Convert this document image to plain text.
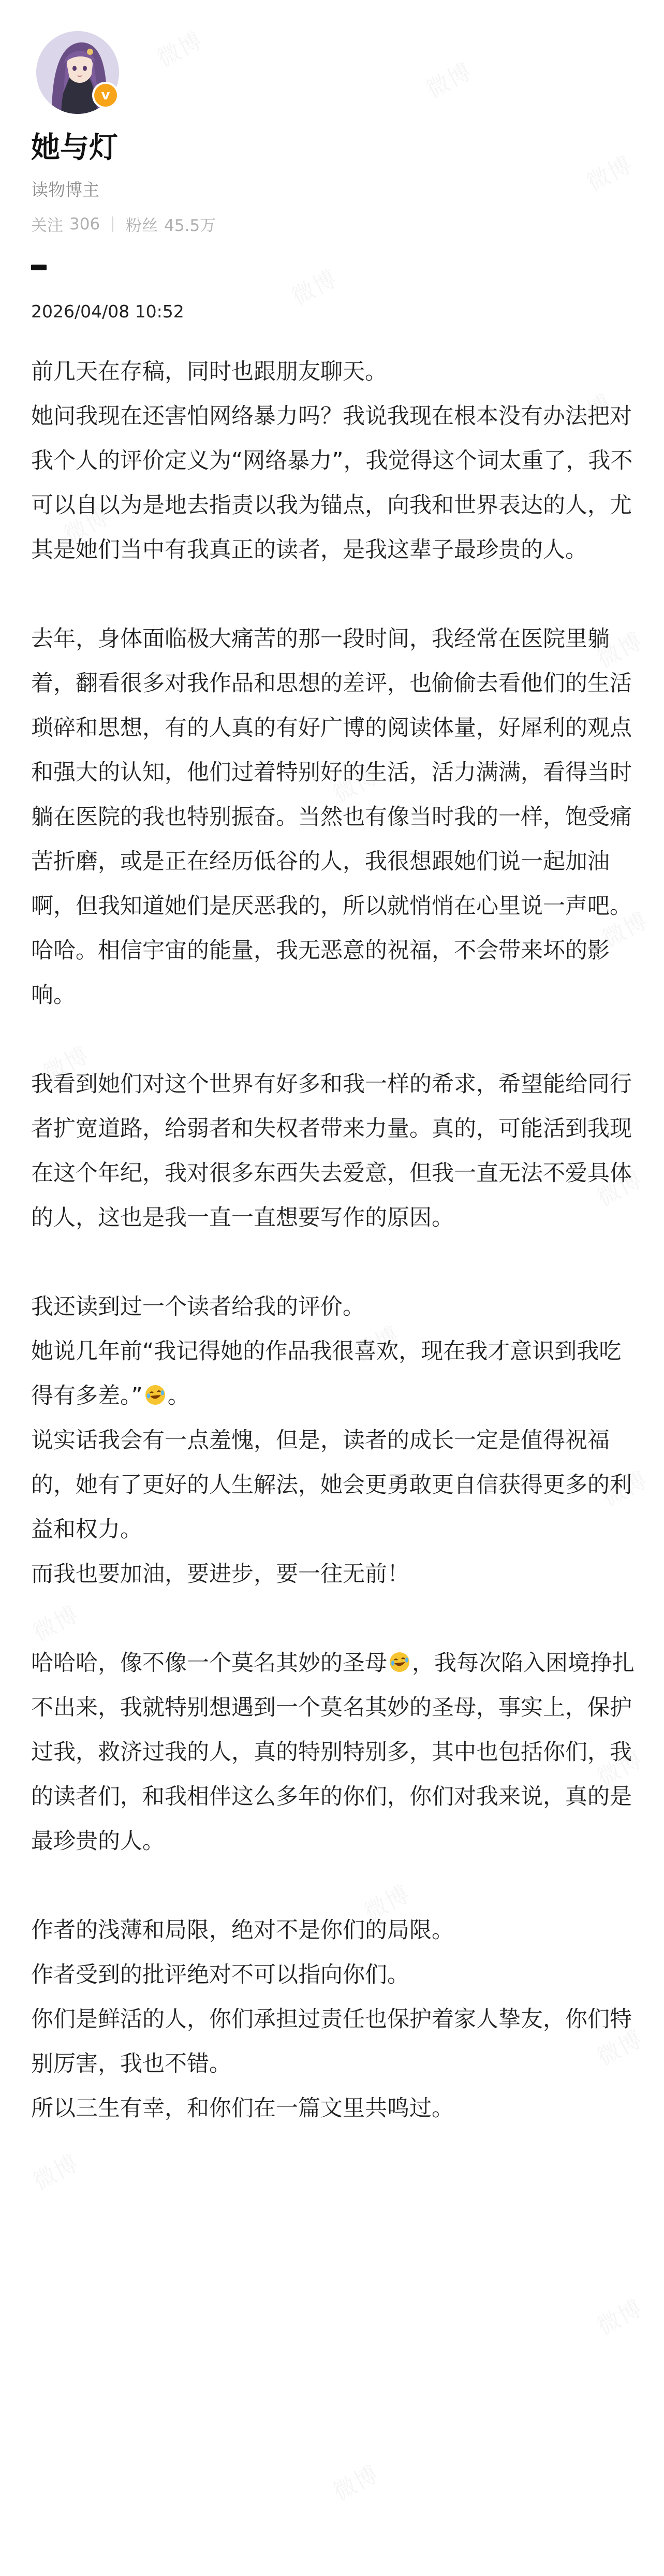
v
她与灯
读物博主
关注 306 粉丝 45.5万
2026/04/08 10:52

前几天在存稿，同时也跟朋友聊天。

她问我现在还害怕网络暴力吗？我说我现在根本没有办法把对我个人的评价定义为“网络暴力”，我觉得这个词太重了，我不可以自以为是地去指责以我为锚点，向我和世界表达的人，尤其是她们当中有我真正的读者，是我这辈子最珍贵的人。

去年，身体面临极大痛苦的那一段时间，我经常在医院里躺着，翻看很多对我作品和思想的差评，也偷偷去看他们的生活琐碎和思想，有的人真的有好广博的阅读体量，好犀利的观点和强大的认知，他们过着特别好的生活，活力满满，看得当时躺在医院的我也特别振奋。当然也有像当时我的一样，饱受痛苦折磨，或是正在经历低谷的人，我很想跟她们说一起加油啊，但我知道她们是厌恶我的，所以就悄悄在心里说一声吧。哈哈。相信宇宙的能量，我无恶意的祝福，不会带来坏的影响。

我看到她们对这个世界有好多和我一样的希求，希望能给同行者扩宽道路，给弱者和失权者带来力量。真的，可能活到我现在这个年纪，我对很多东西失去爱意，但我一直无法不爱具体的人，这也是我一直一直想要写作的原因。

我还读到过一个读者给我的评价。

她说几年前“我记得她的作品我很喜欢，现在我才意识到我吃得有多差。” 。

说实话我会有一点羞愧，但是，读者的成长一定是值得祝福的，她有了更好的人生解法，她会更勇敢更自信获得更多的利益和权力。

而我也要加油，要进步，要一往无前！

哈哈哈，像不像一个莫名其妙的圣母 ，我每次陷入困境挣扎不出来，我就特别想遇到一个莫名其妙的圣母，事实上，保护过我，救济过我的人，真的特别特别多，其中也包括你们，我的读者们，和我相伴这么多年的你们，你们对我来说，真的是最珍贵的人。

作者的浅薄和局限，绝对不是你们的局限。

作者受到的批评绝对不可以指向你们。

你们是鲜活的人，你们承担过责任也保护着家人挚友，你们特别厉害，我也不错。

所以三生有幸，和你们在一篇文里共鸣过。
